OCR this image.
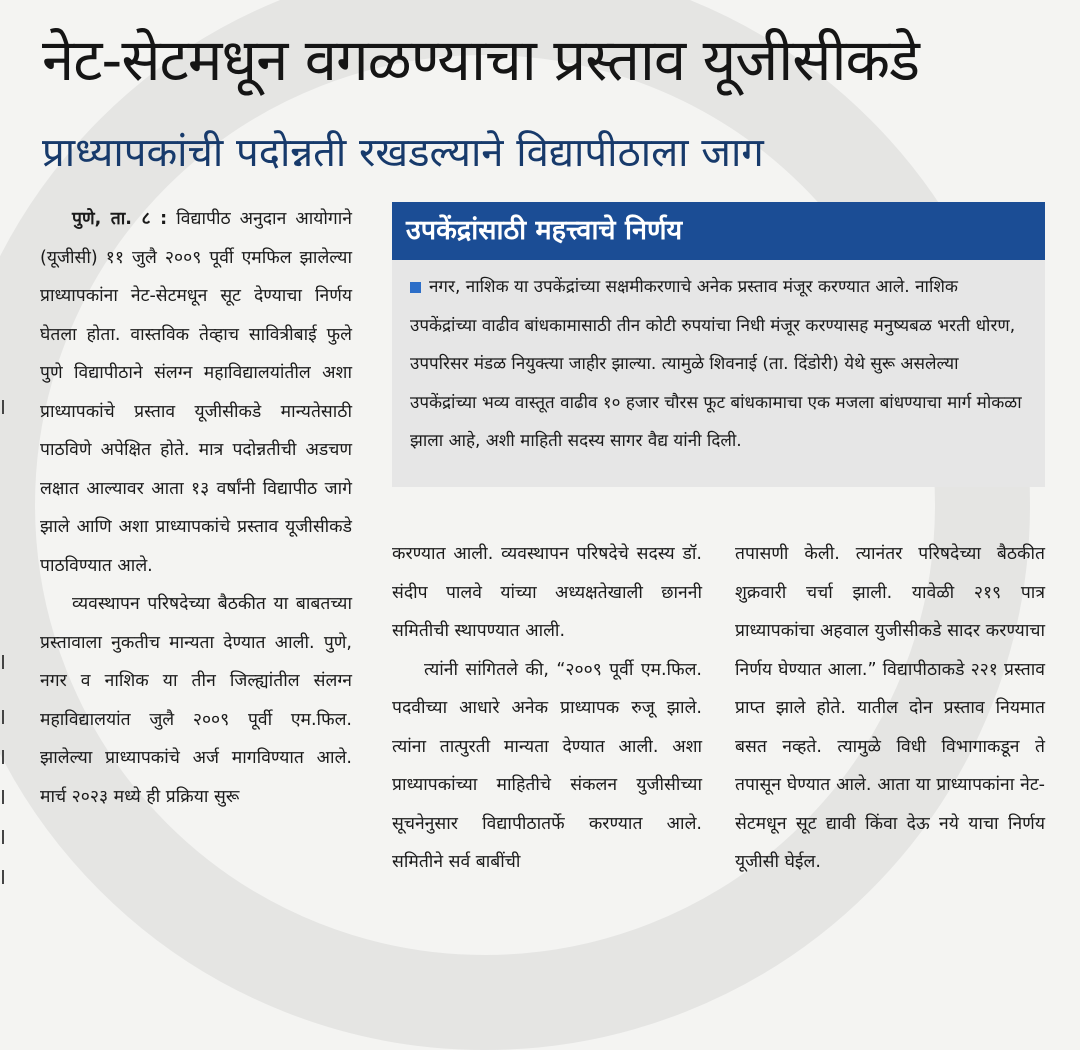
नेट-सेटमधून वगळण्याचा प्रस्ताव यूजीसीकडे
प्राध्यापकांची पदोन्नती रखडल्याने विद्यापीठाला जाग

पुणे, ता. ८ : विद्यापीठ अनुदान आयोगाने (यूजीसी) ११ जुलै २००९ पूर्वी एमफिल झालेल्या प्राध्यापकांना नेट-सेटमधून सूट देण्याचा निर्णय घेतला होता. वास्तविक तेव्हाच सावित्रीबाई फुले पुणे विद्यापीठाने संलग्न महाविद्यालयांतील अशा प्राध्यापकांचे प्रस्ताव यूजीसीकडे मान्यतेसाठी पाठविणे अपेक्षित होते. मात्र पदोन्नतीची अडचण लक्षात आल्यावर आता १३ वर्षांनी विद्यापीठ जागे झाले आणि अशा प्राध्यापकांचे प्रस्ताव यूजीसीकडे पाठविण्यात आले.

व्यवस्थापन परिषदेच्या बैठकीत या बाबतच्या प्रस्तावाला नुकतीच मान्यता देण्यात आली. पुणे, नगर व नाशिक या तीन जिल्ह्यांतील संलग्न महाविद्यालयांत जुलै २००९ पूर्वी एम.फिल. झालेल्या प्राध्यापकांचे अर्ज मागविण्यात आले. मार्च २०२३ मध्ये ही प्रक्रिया सुरू

उपकेंद्रांसाठी महत्त्वाचे निर्णय
नगर, नाशिक या उपकेंद्रांच्या सक्षमीकरणाचे अनेक प्रस्ताव मंजूर करण्यात आले. नाशिक उपकेंद्रांच्या वाढीव बांधकामासाठी तीन कोटी रुपयांचा निधी मंजूर करण्यासह मनुष्यबळ भरती धोरण, उपपरिसर मंडळ नियुक्त्या जाहीर झाल्या. त्यामुळे शिवनाई (ता. दिंडोरी) येथे सुरू असलेल्या उपकेंद्रांच्या भव्य वास्तूत वाढीव १० हजार चौरस फूट बांधकामाचा एक मजला बांधण्याचा मार्ग मोकळा झाला आहे, अशी माहिती सदस्य सागर वैद्य यांनी दिली.

करण्यात आली. व्यवस्थापन परिषदेचे सदस्य डॉ. संदीप पालवे यांच्या अध्यक्षतेखाली छाननी समितीची स्थापण्यात आली.

त्यांनी सांगितले की, “२००९ पूर्वी एम.फिल. पदवीच्या आधारे अनेक प्राध्यापक रुजू झाले. त्यांना तात्पुरती मान्यता देण्यात आली. अशा प्राध्यापकांच्या माहितीचे संकलन युजीसीच्या सूचनेनुसार विद्यापीठातर्फे करण्यात आले. समितीने सर्व बाबींची

तपासणी केली. त्यानंतर परिषदेच्या बैठकीत शुक्रवारी चर्चा झाली. यावेळी २१९ पात्र प्राध्यापकांचा अहवाल युजीसीकडे सादर करण्याचा निर्णय घेण्यात आला.” विद्यापीठाकडे २२१ प्रस्ताव प्राप्त झाले होते. यातील दोन प्रस्ताव नियमात बसत नव्हते. त्यामुळे विधी विभागाकडून ते तपासून घेण्यात आले. आता या प्राध्यापकांना नेट-सेटमधून सूट द्यावी किंवा देऊ नये याचा निर्णय यूजीसी घेईल.
